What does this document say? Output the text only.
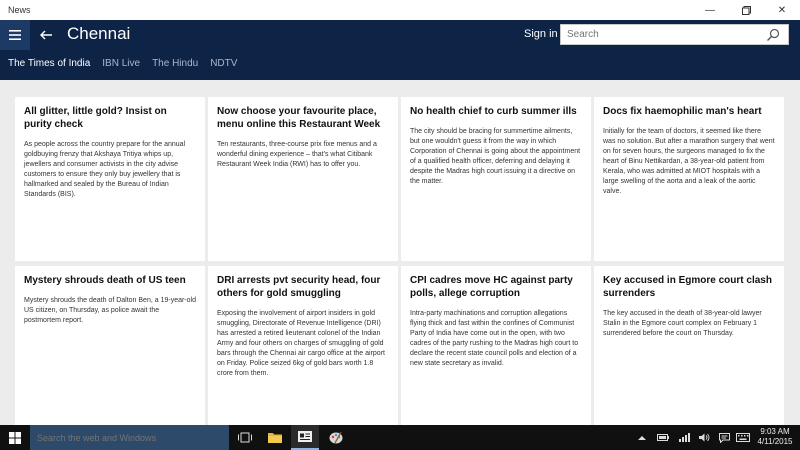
News	—	✕
Chennai	Sign in
Search
The Times of India IBN Live The Hindu NDTV
All glitter, little gold? Insist on purity check

As people across the country prepare for the annual goldbuying frenzy that Akshaya Tritiya whips up, jewellers and consumer activists in the city advise customers to ensure they only buy jewellery that is hallmarked and sealed by the Bureau of Indian Standards (BIS).

Now choose your favourite place, menu online this Restaurant Week

Ten restaurants, three-course prix fixe menus and a wonderful dining experience – that's what Citibank Restaurant Week India (RWI) has to offer you.

No health chief to curb summer ills

The city should be bracing for summertime ailments, but one wouldn't guess it from the way in which Corporation of Chennai is going about the appointment of a qualified health officer, deferring and delaying it despite the Madras high court issuing it a directive on the matter.

Docs fix haemophilic man's heart

Initially for the team of doctors, it seemed like there was no solution. But after a marathon surgery that went on for seven hours, the surgeons managed to fix the heart of Binu Nettikardan, a 38-year-old patient from Kerala, who was admitted at MIOT hospitals with a large swelling of the aorta and a leak of the aortic valve.

Mystery shrouds death of US teen

Mystery shrouds the death of Dalton Ben, a 19-year-old US citizen, on Thursday, as police await the postmortem report.

DRI arrests pvt security head, four others for gold smuggling

Exposing the involvement of airport insiders in gold smuggling, Directorate of Revenue Intelligence (DRI) has arrested a retired lieutenant colonel of the Indian Army and four others on charges of smuggling of gold bars through the Chennai air cargo office at the airport on Friday. Police seized 6kg of gold bars worth 1.8 crore from them.

CPI cadres move HC against party polls, allege corruption

Intra-party machinations and corruption allegations flying thick and fast within the confines of Communist Party of India have come out in the open, with two cadres of the party rushing to the Madras high court to declare the recent state council polls and election of a new state secretary as invalid.

Key accused in Egmore court clash surrenders

The key accused in the death of 38-year-old lawyer Stalin in the Egmore court complex on February 1 surrendered before the court on Thursday.

Search the web and Windows
9:03 AM
4/11/2015
